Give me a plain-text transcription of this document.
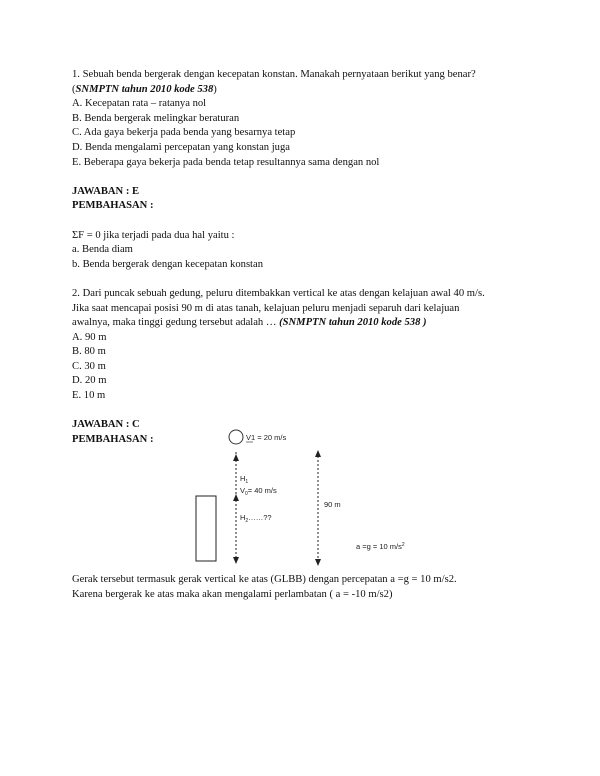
1. Sebuah benda bergerak dengan kecepatan konstan. Manakah pernyataan berikut yang benar?
(SNMPTN tahun 2010 kode 538)
A. Kecepatan rata – ratanya nol
B. Benda bergerak melingkar beraturan
C. Ada gaya bekerja pada benda yang besarnya tetap
D. Benda mengalami percepatan yang konstan juga
E. Beberapa gaya bekerja pada benda tetap resultannya sama dengan nol
JAWABAN : E
PEMBAHASAN :
ΣF = 0 jika terjadi pada dua hal yaitu :
a. Benda diam
b. Benda bergerak dengan kecepatan konstan
2. Dari puncak sebuah gedung, peluru ditembakkan vertical ke atas dengan kelajuan awal 40 m/s.
Jika saat mencapai posisi 90 m di atas tanah, kelajuan peluru menjadi separuh dari kelajuan
awalnya, maka tinggi gedung tersebut adalah … (SNMPTN tahun 2010 kode 538 )
A. 90 m
B. 80 m
C. 30 m
D. 20 m
E. 10 m
JAWABAN : C
PEMBAHASAN :	V1 = 20 m/s
$H_1$
$V_0= 40$ m/s
$H_2\dots\dots$??
90 m
a =g = 10 $m/s^2$
Gerak tersebut termasuk gerak vertical ke atas (GLBB) dengan percepatan a =g = 10 m/s2.
Karena bergerak ke atas maka akan mengalami perlambatan ( a = -10 m/s2)
